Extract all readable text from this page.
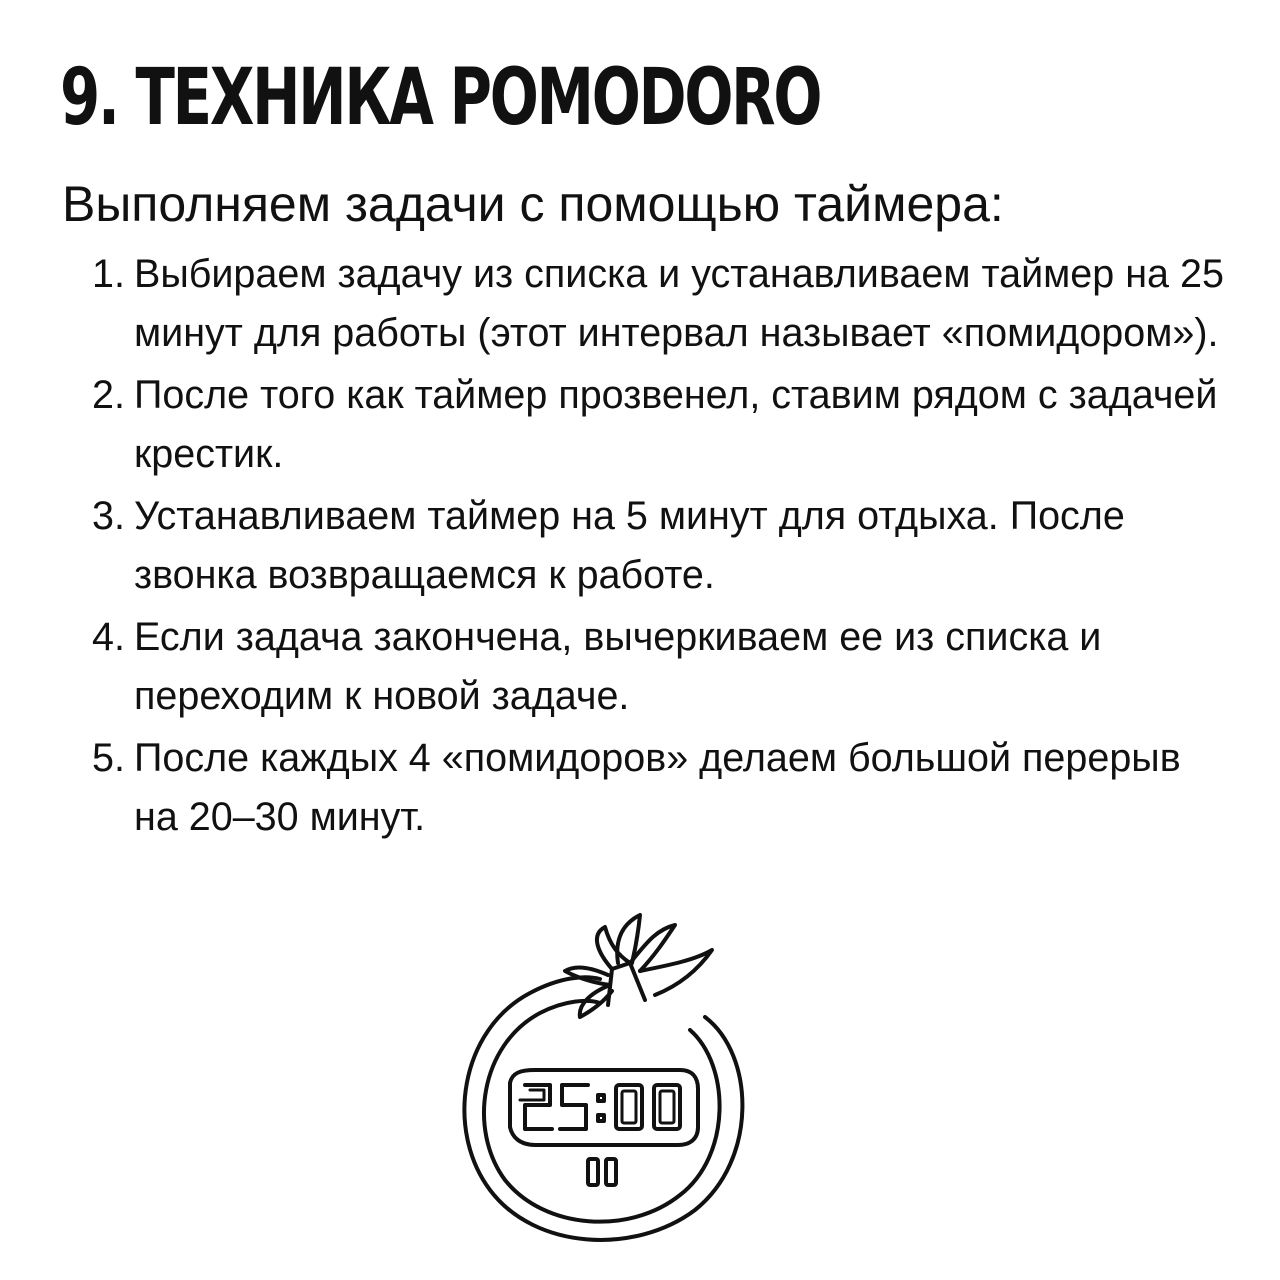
9. ТЕХНИКА POMODORO

Выполняем задачи с помощью таймера:

1. Выбираем задачу из списка и устанавливаем таймер на 25 минут для работы (этот интервал называет «помидором»).
2. После того как таймер прозвенел, ставим рядом с задачей крестик.
3. Устанавливаем таймер на 5 минут для отдыха. После звонка возвращаемся к работе.
4. Если задача закончена, вычеркиваем ее из списка и переходим к новой задаче.
5. После каждых 4 «помидоров» делаем большой перерыв на 20–30 минут.
